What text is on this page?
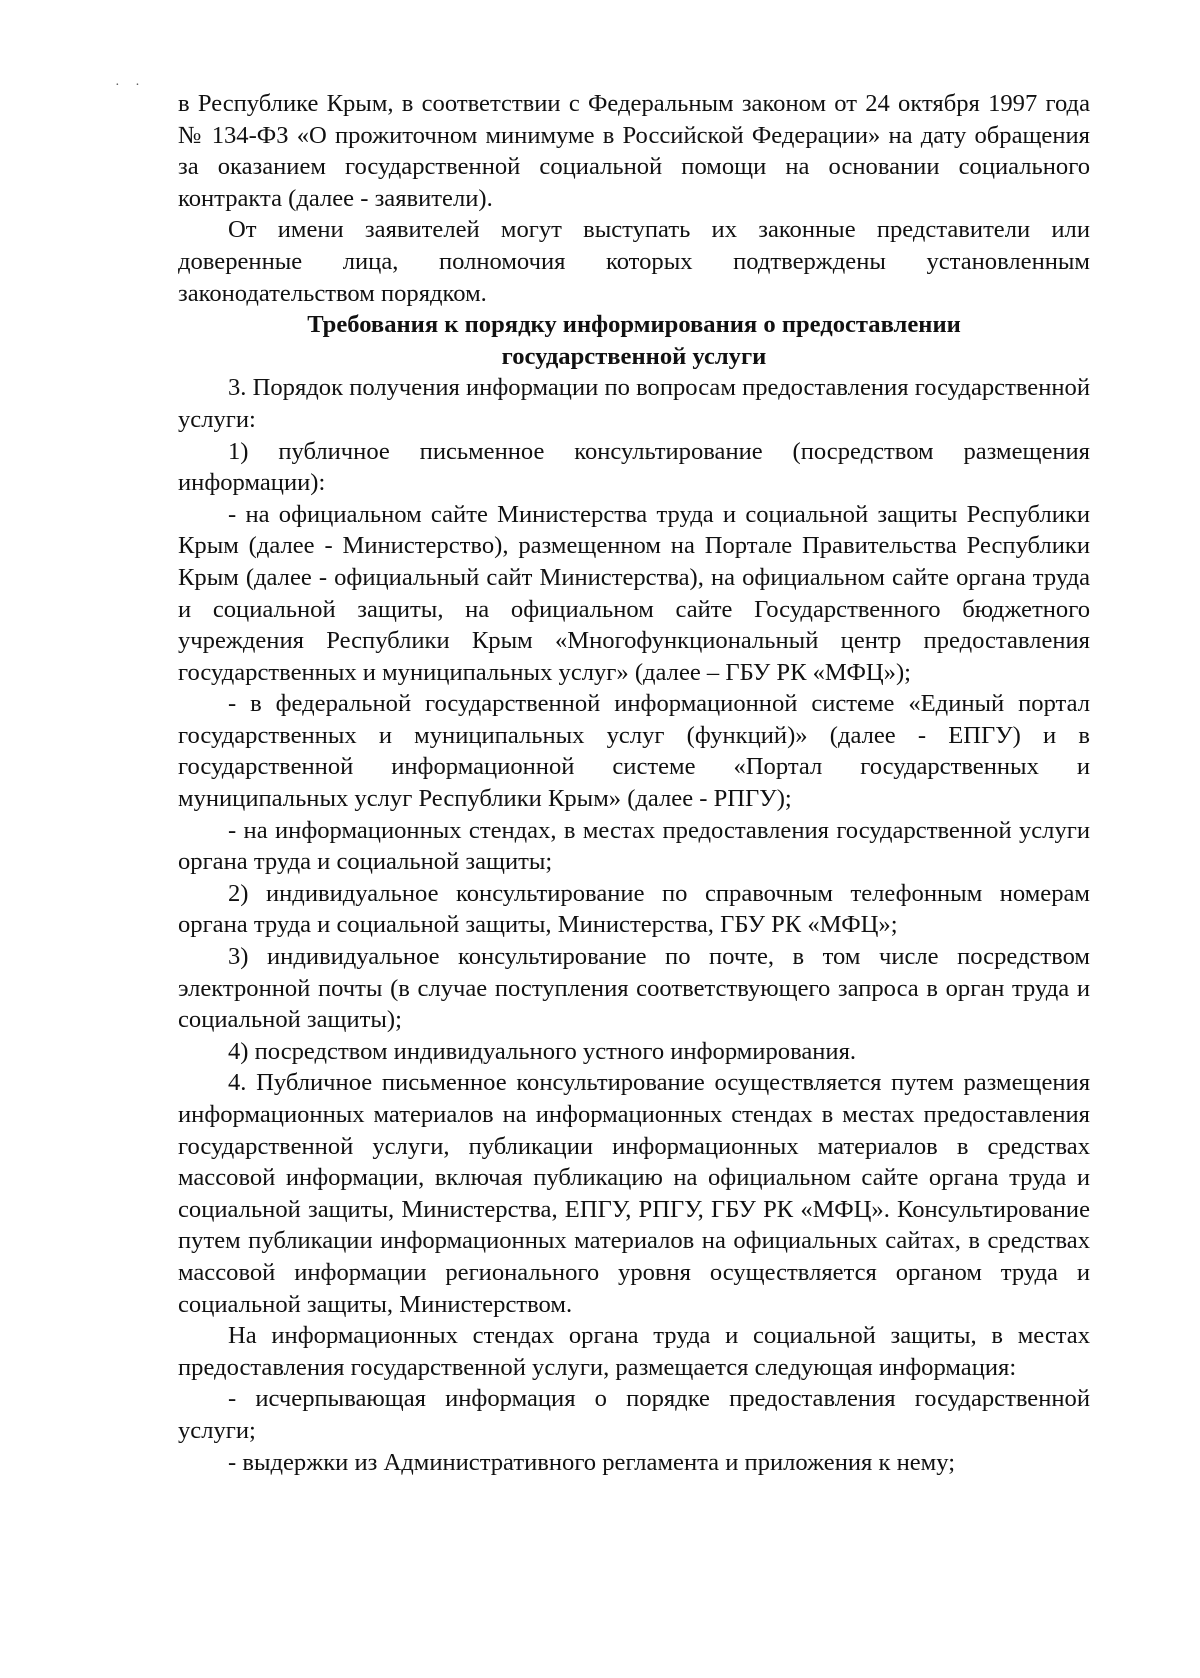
· ·

в Республике Крым, в соответствии с Федеральным законом от 24 октября 1997 года № 134-ФЗ «О прожиточном минимуме в Российской Федерации» на дату обращения за оказанием государственной социальной помощи на основании социального контракта (далее - заявители).

От имени заявителей могут выступать их законные представители или доверенные лица, полномочия которых подтверждены установленным законодательством порядком.

Требования к порядку информирования о предоставлении государственной услуги

3. Порядок получения информации по вопросам предоставления государственной услуги:

1) публичное письменное консультирование (посредством размещения информации):

- на официальном сайте Министерства труда и социальной защиты Республики Крым (далее - Министерство), размещенном на Портале Правительства Республики Крым (далее - официальный сайт Министерства), на официальном сайте органа труда и социальной защиты, на официальном сайте Государственного бюджетного учреждения Республики Крым «Многофункциональный центр предоставления государственных и муниципальных услуг» (далее – ГБУ РК «МФЦ»);

- в федеральной государственной информационной системе «Единый портал государственных и муниципальных услуг (функций)» (далее - ЕПГУ) и в государственной информационной системе «Портал государственных и муниципальных услуг Республики Крым» (далее - РПГУ);

- на информационных стендах, в местах предоставления государственной услуги органа труда и социальной защиты;

2) индивидуальное консультирование по справочным телефонным номерам органа труда и социальной защиты, Министерства, ГБУ РК «МФЦ»;

3) индивидуальное консультирование по почте, в том числе посредством электронной почты (в случае поступления соответствующего запроса в орган труда и социальной защиты);

4) посредством индивидуального устного информирования.

4. Публичное письменное консультирование осуществляется путем размещения информационных материалов на информационных стендах в местах предоставления государственной услуги, публикации информационных материалов в средствах массовой информации, включая публикацию на официальном сайте органа труда и социальной защиты, Министерства, ЕПГУ, РПГУ, ГБУ РК «МФЦ». Консультирование путем публикации информационных материалов на официальных сайтах, в средствах массовой информации регионального уровня осуществляется органом труда и социальной защиты, Министерством.

На информационных стендах органа труда и социальной защиты, в местах предоставления государственной услуги, размещается следующая информация:

- исчерпывающая информация о порядке предоставления государственной услуги;

- выдержки из Административного регламента и приложения к нему;
